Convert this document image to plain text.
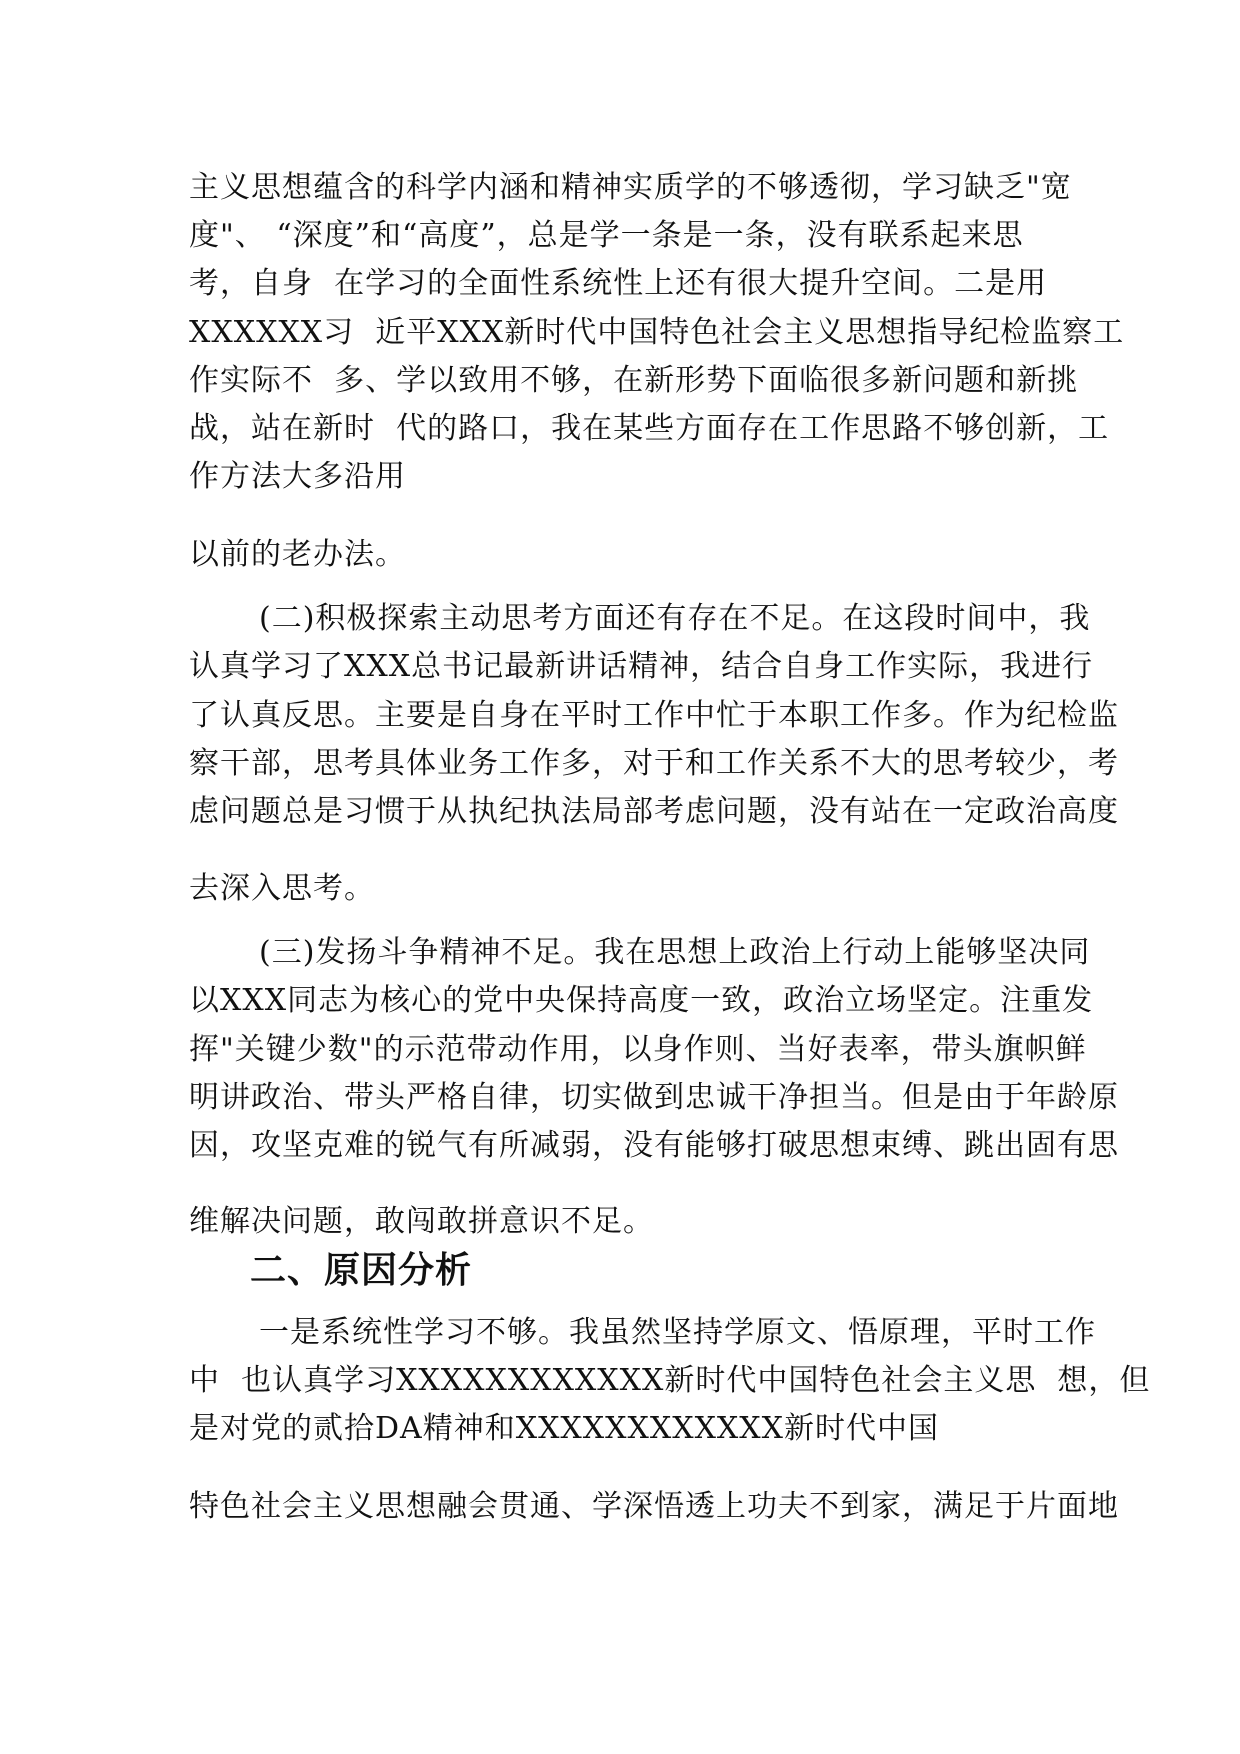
主义思想蕴含的科学内涵和精神实质学的不够透彻，学习缺乏"宽
度"、 “深度”和“高度”，总是学一条是一条，没有联系起来思
考，自身  在学习的全面性系统性上还有很大提升空间。二是用
XXXXXX习  近平XXX新时代中国特色社会主义思想指导纪检监察工
作实际不  多、学以致用不够，在新形势下面临很多新问题和新挑
战，站在新时  代的路口，我在某些方面存在工作思路不够创新，工
作方法大多沿用
以前的老办法。
(二)积极探索主动思考方面还有存在不足。在这段时间中，我
认真学习了XXX总书记最新讲话精神，结合自身工作实际，我进行
了认真反思。主要是自身在平时工作中忙于本职工作多。作为纪检监
察干部，思考具体业务工作多，对于和工作关系不大的思考较少，考
虑问题总是习惯于从执纪执法局部考虑问题，没有站在一定政治高度
去深入思考。
(三)发扬斗争精神不足。我在思想上政治上行动上能够坚决同
以XXX同志为核心的党中央保持高度一致，政治立场坚定。注重发
挥"关键少数"的示范带动作用，以身作则、当好表率，带头旗帜鲜
明讲政治、带头严格自律，切实做到忠诚干净担当。但是由于年龄原
因，攻坚克难的锐气有所减弱，没有能够打破思想束缚、跳出固有思
维解决问题，敢闯敢拼意识不足。
二、原因分析
一是系统性学习不够。我虽然坚持学原文、悟原理，平时工作
中  也认真学习XXXXXXXXXXXX新时代中国特色社会主义思  想，但
是对党的贰拾DA精神和XXXXXXXXXXXX新时代中国
特色社会主义思想融会贯通、学深悟透上功夫不到家，满足于片面地
